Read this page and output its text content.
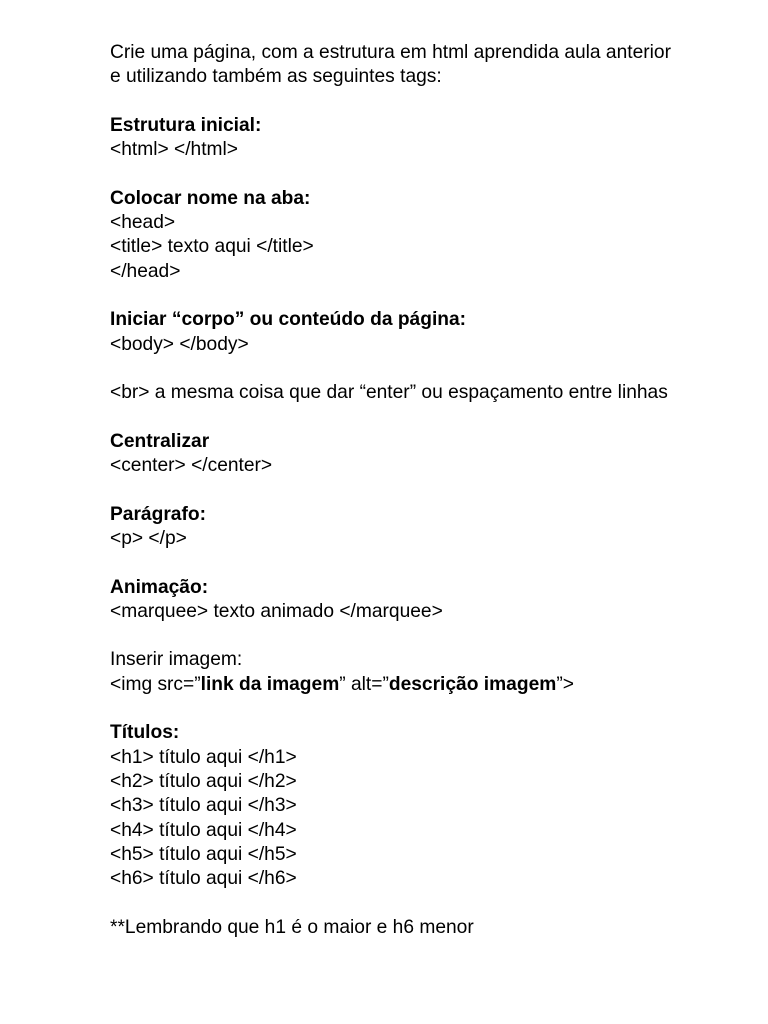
Crie uma página, com a estrutura em html aprendida aula anterior
e utilizando também as seguintes tags:
Estrutura inicial:
<html> </html>
Colocar nome na aba:
<head>
<title> texto aqui </title>
</head>
Iniciar “corpo” ou conteúdo da página:
<body> </body>
<br> a mesma coisa que dar “enter” ou espaçamento entre linhas
Centralizar
<center> </center>
Parágrafo:
<p> </p>
Animação:
<marquee> texto animado </marquee>
Inserir imagem:
<img src=”link da imagem” alt=”descrição imagem”>
Títulos:
<h1> título aqui </h1>
<h2> título aqui </h2>
<h3> título aqui </h3>
<h4> título aqui </h4>
<h5> título aqui </h5>
<h6> título aqui </h6>
**Lembrando que h1 é o maior e h6 menor
